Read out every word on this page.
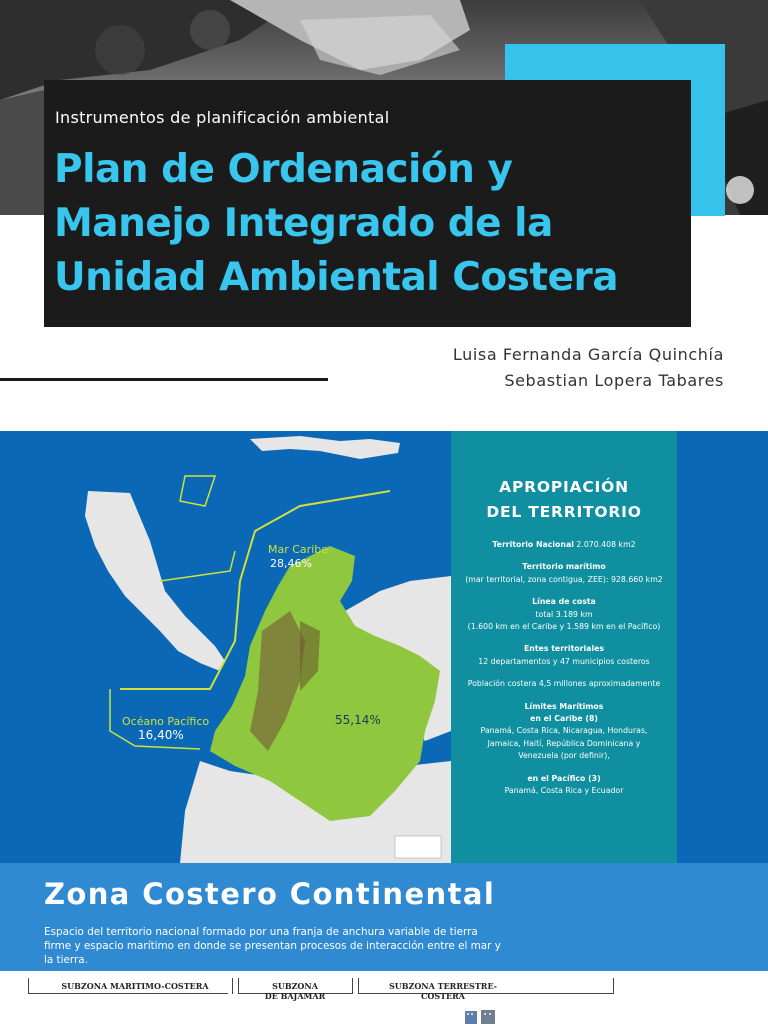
Instrumentos de planificación ambiental
Plan de Ordenación y
Manejo Integrado de la
Unidad Ambiental Costera
Luisa Fernanda García Quinchía
Sebastian Lopera Tabares
55,14%
Mar Caribe
28,46%
Océano Pacífico
16,40%
APROPIACIÓN
DEL TERRITORIO

Territorio Nacional 2.070.408 km2

Territorio marítimo
(mar territorial, zona contigua, ZEE): 928.660 km2

Línea de costa
total 3.189 km
(1.600 km en el Caribe y 1.589 km en el Pacífico)

Entes territoriales
12 departamentos y 47 municipios costeros

Población costera 4,5 millones aproximadamente

Límites Marítimos
en el Caribe (8)
Panamá, Costa Rica, Nicaragua, Honduras,
Jamaica, Haití, República Dominicana y
Venezuela (por definir),

en el Pacífico (3)
Panamá, Costa Rica y Ecuador

Zona Costero Continental

Espacio del territorio nacional formado por una franja de anchura variable de tierra
firme y espacio marítimo en donde se presentan procesos de interacción entre el mar y
la tierra.

SUBZONA MARITIMO-COSTERA	SUBZONA
DE BAJAMAR
SUBZONA TERRESTRE-COSTERA
